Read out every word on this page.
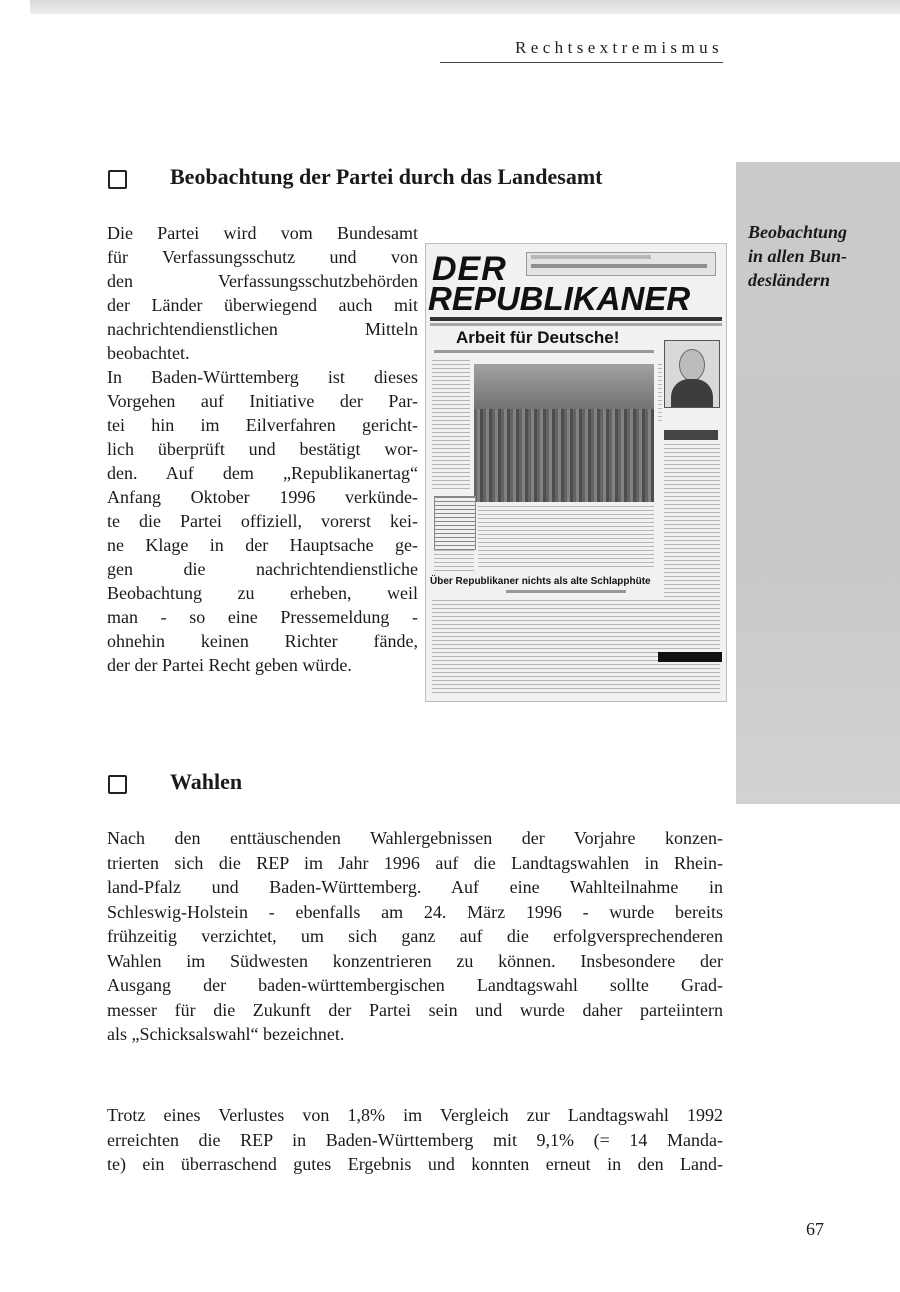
Rechtsextremismus
Beobachtung
in allen Bun-
desländern
Beobachtung der Partei durch das Landesamt
Die Partei wird vom Bundesamt
für Verfassungsschutz und von
den Verfassungsschutzbehörden
der Länder überwiegend auch mit
nachrichtendienstlichen Mitteln
beobachtet.
In Baden-Württemberg ist dieses
Vorgehen auf Initiative der Par-
tei hin im Eilverfahren gericht-
lich überprüft und bestätigt wor-
den. Auf dem „Republikanertag“
Anfang Oktober 1996 verkünde-
te die Partei offiziell, vorerst kei-
ne Klage in der Hauptsache ge-
gen die nachrichtendienstliche
Beobachtung zu erheben, weil
man - so eine Pressemeldung -
ohnehin keinen Richter fände,
der der Partei Recht geben würde.
DER
REPUBLIKANER
Arbeit für Deutsche!
Über Republikaner nichts als alte Schlapphüte
Wahlen
Nach den enttäuschenden Wahlergebnissen der Vorjahre konzen-
trierten sich die REP im Jahr 1996 auf die Landtagswahlen in Rhein-
land-Pfalz und Baden-Württemberg. Auf eine Wahlteilnahme in
Schleswig-Holstein - ebenfalls am 24. März 1996 - wurde bereits
frühzeitig verzichtet, um sich ganz auf die erfolgversprechenderen
Wahlen im Südwesten konzentrieren zu können. Insbesondere der
Ausgang der baden-württembergischen Landtagswahl sollte Grad-
messer für die Zukunft der Partei sein und wurde daher parteiintern
als „Schicksalswahl“ bezeichnet.
Trotz eines Verlustes von 1,8% im Vergleich zur Landtagswahl 1992
erreichten die REP in Baden-Württemberg mit 9,1% (= 14 Manda-
te) ein überraschend gutes Ergebnis und konnten erneut in den Land-
67
